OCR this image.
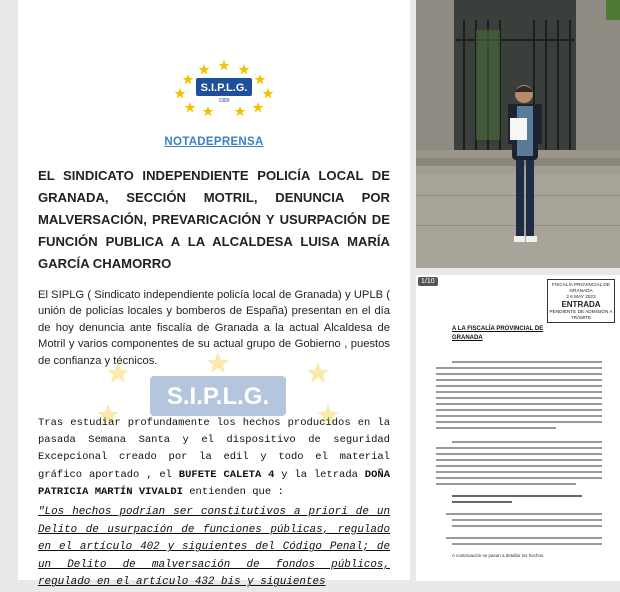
S.I.P.L.G.
1989
NOTADEPRENSA
EL SINDICATO INDEPENDIENTE POLICÍA LOCAL DE GRANADA, SECCIÓN MOTRIL, DENUNCIA POR MALVERSACIÓN, PREVARICACIÓN Y USURPACIÓN DE FUNCIÓN PUBLICA A LA ALCALDESA LUISA MARÍA GARCÍA CHAMORRO
El SIPLG ( Sindicato independiente policía local de Granada) y UPLB ( unión de policías locales y bomberos de España) presentan en el día de hoy denuncia ante fiscalía de Granada a la actual Alcaldesa de Motril y varios componentes de su actual grupo de Gobierno , puestos de confianza y técnicos.
S.I.P.L.G.
Tras estudiar profundamente los hechos producidos en la pasada Semana Santa y el dispositivo de seguridad Excepcional creado por la edil y todo el material gráfico aportado , el BUFETE CALETA 4 y la letrada DOÑA PATRICIA MARTÍN VIVALDI entienden que :
"Los hechos podrían ser constitutivos a priori de un Delito de usurpación de funciones públicas, regulado en el artículo 402 y siguientes del Código Penal; de un Delito de malversación de fondos públicos, regulado en el artículo 432 bis y siguientes
1/10	FISCALÍA PROVINCIAL DE GRANADA
2 6 MAY 2023
ENTRADA
PENDIENTE DE ADMISIÓN A TRÁMITE
A LA FISCALÍA PROVINCIAL DE
GRANADA
A continuación se pasan a detallar los hechos.
